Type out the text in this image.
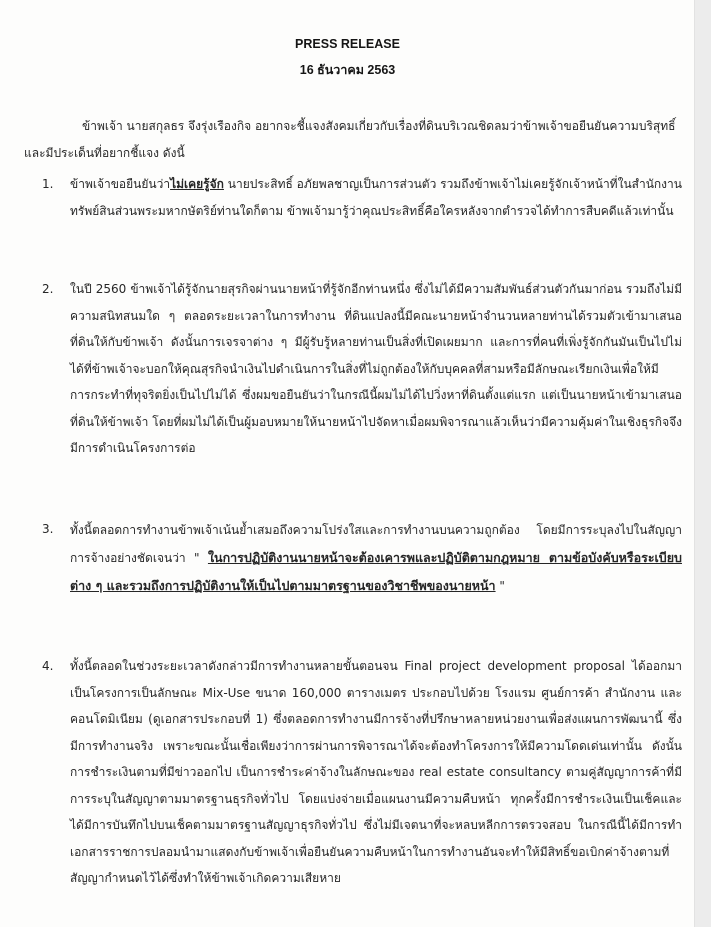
PRESS RELEASE
16 ธันวาคม 2563

ข้าพเจ้า นายสกุลธร จึงรุ่งเรืองกิจ อยากจะชี้แจงสังคมเกี่ยวกับเรื่องที่ดินบริเวณชิดลมว่าข้าพเจ้าขอยืนยันความบริสุทธิ์และมีประเด็นที่อยากชี้แจง ดังนี้

1.	ข้าพเจ้าขอยืนยันว่าไม่เคยรู้จัก นายประสิทธิ์ อภัยพลชาญเป็นการส่วนตัว รวมถึงข้าพเจ้าไม่เคยรู้จักเจ้าหน้าที่ในสำนักงานทรัพย์สินส่วนพระมหากษัตริย์ท่านใดก็ตาม ข้าพเจ้ามารู้ว่าคุณประสิทธิ์คือใครหลังจากตำรวจได้ทำการสืบคดีแล้วเท่านั้น
2.	ในปี 2560 ข้าพเจ้าได้รู้จักนายสุรกิจผ่านนายหน้าที่รู้จักอีกท่านหนึ่ง ซึ่งไม่ได้มีความสัมพันธ์ส่วนตัวกันมาก่อน รวมถึงไม่มีความสนิทสนมใด ๆ ตลอดระยะเวลาในการทำงาน ที่ดินแปลงนี้มีคณะนายหน้าจำนวนหลายท่านได้รวมตัวเข้ามาเสนอที่ดินให้กับข้าพเจ้า ดังนั้นการเจรจาต่าง ๆ มีผู้รับรู้หลายท่านเป็นสิ่งที่เปิดเผยมาก และการที่คนที่เพิ่งรู้จักกันมันเป็นไปไม่ได้ที่ข้าพเจ้าจะบอกให้คุณสุรกิจนำเงินไปดำเนินการในสิ่งที่ไม่ถูกต้องให้กับบุคคลที่สามหรือมีลักษณะเรียกเงินเพื่อให้มีการกระทำที่ทุจริตยิ่งเป็นไปไม่ได้ ซึ่งผมขอยืนยันว่าในกรณีนี้ผมไม่ได้ไปวิ่งหาที่ดินตั้งแต่แรก แต่เป็นนายหน้าเข้ามาเสนอที่ดินให้ข้าพเจ้า โดยที่ผมไม่ได้เป็นผู้มอบหมายให้นายหน้าไปจัดหาเมื่อผมพิจารณาแล้วเห็นว่ามีความคุ้มค่าในเชิงธุรกิจจึงมีการดำเนินโครงการต่อ
3.	ทั้งนี้ตลอดการทำงานข้าพเจ้าเน้นย้ำเสมอถึงความโปร่งใสและการทำงานบนความถูกต้อง โดยมีการระบุลงไปในสัญญาการจ้างอย่างชัดเจนว่า " ในการปฏิบัติงานนายหน้าจะต้องเคารพและปฏิบัติตามกฎหมาย ตามข้อบังคับหรือระเบียบต่าง ๆ และรวมถึงการปฏิบัติงานให้เป็นไปตามมาตรฐานของวิชาชีพของนายหน้า "
4.	ทั้งนี้ตลอดในช่วงระยะเวลาดังกล่าวมีการทำงานหลายขั้นตอนจน Final project development proposal ได้ออกมาเป็นโครงการเป็นลักษณะ Mix-Use ขนาด 160,000 ตารางเมตร ประกอบไปด้วย โรงแรม ศูนย์การค้า สำนักงาน และคอนโดมิเนียม (ดูเอกสารประกอบที่ 1) ซึ่งตลอดการทำงานมีการจ้างที่ปรึกษาหลายหน่วยงานเพื่อส่งแผนการพัฒนานี้ ซึ่งมีการทำงานจริง เพราะขณะนั้นเชื่อเพียงว่าการผ่านการพิจารณาได้จะต้องทำโครงการให้มีความโดดเด่นเท่านั้น ดังนั้นการชำระเงินตามที่มีข่าวออกไป เป็นการชำระค่าจ้างในลักษณะของ real estate consultancy ตามคู่สัญญาการค้าที่มีการระบุในสัญญาตามมาตรฐานธุรกิจทั่วไป โดยแบ่งจ่ายเมื่อแผนงานมีความคืบหน้า ทุกครั้งมีการชำระเงินเป็นเช็คและได้มีการบันทึกไปบนเช็คตามมาตรฐานสัญญาธุรกิจทั่วไป ซึ่งไม่มีเจตนาที่จะหลบหลีกการตรวจสอบ ในกรณีนี้ได้มีการทำเอกสารราชการปลอมนำมาแสดงกับข้าพเจ้าเพื่อยืนยันความคืบหน้าในการทำงานอันจะทำให้มีสิทธิ์ขอเบิกค่าจ้างตามที่สัญญากำหนดไว้ได้ซึ่งทำให้ข้าพเจ้าเกิดความเสียหาย
